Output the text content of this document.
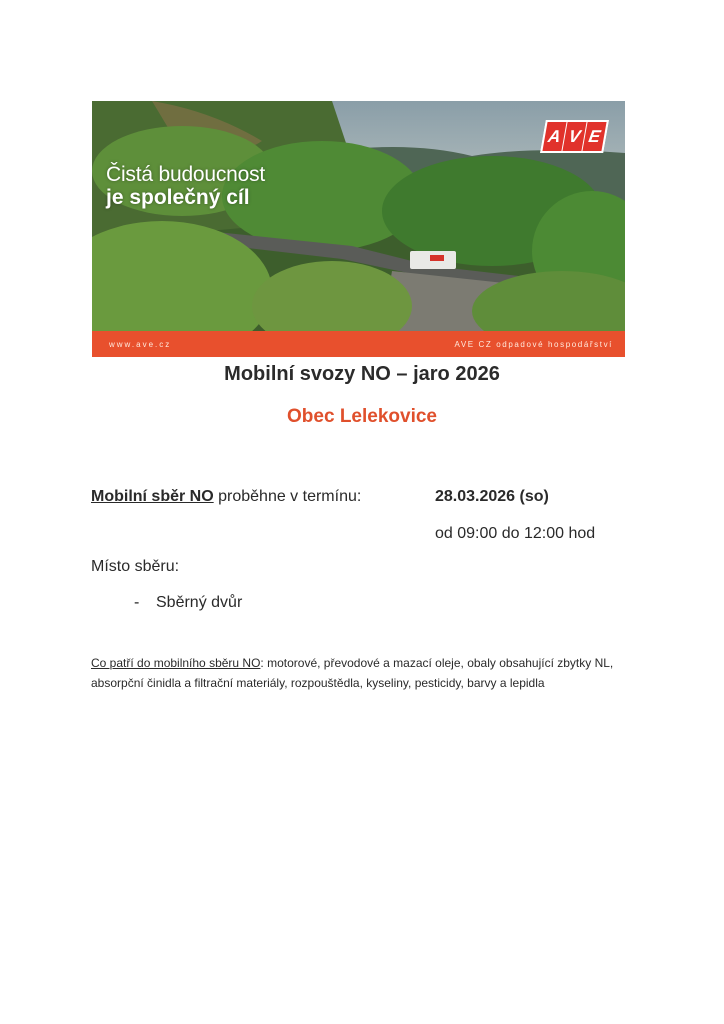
Čistá budoucnost
je společný cíl
A V E
www.ave.cz	AVE CZ odpadové hospodářství
Mobilní svozy NO – jaro 2026
Obec Lelekovice
Mobilní sběr NO proběhne v termínu:	28.03.2026 (so)
od 09:00 do 12:00 hod
Místo sběru:
- Sběrný dvůr
Co patří do mobilního sběru NO: motorové, převodové a mazací oleje, obaly obsahující zbytky NL, absorpční činidla a filtrační materiály, rozpouštědla, kyseliny, pesticidy, barvy a lepidla
